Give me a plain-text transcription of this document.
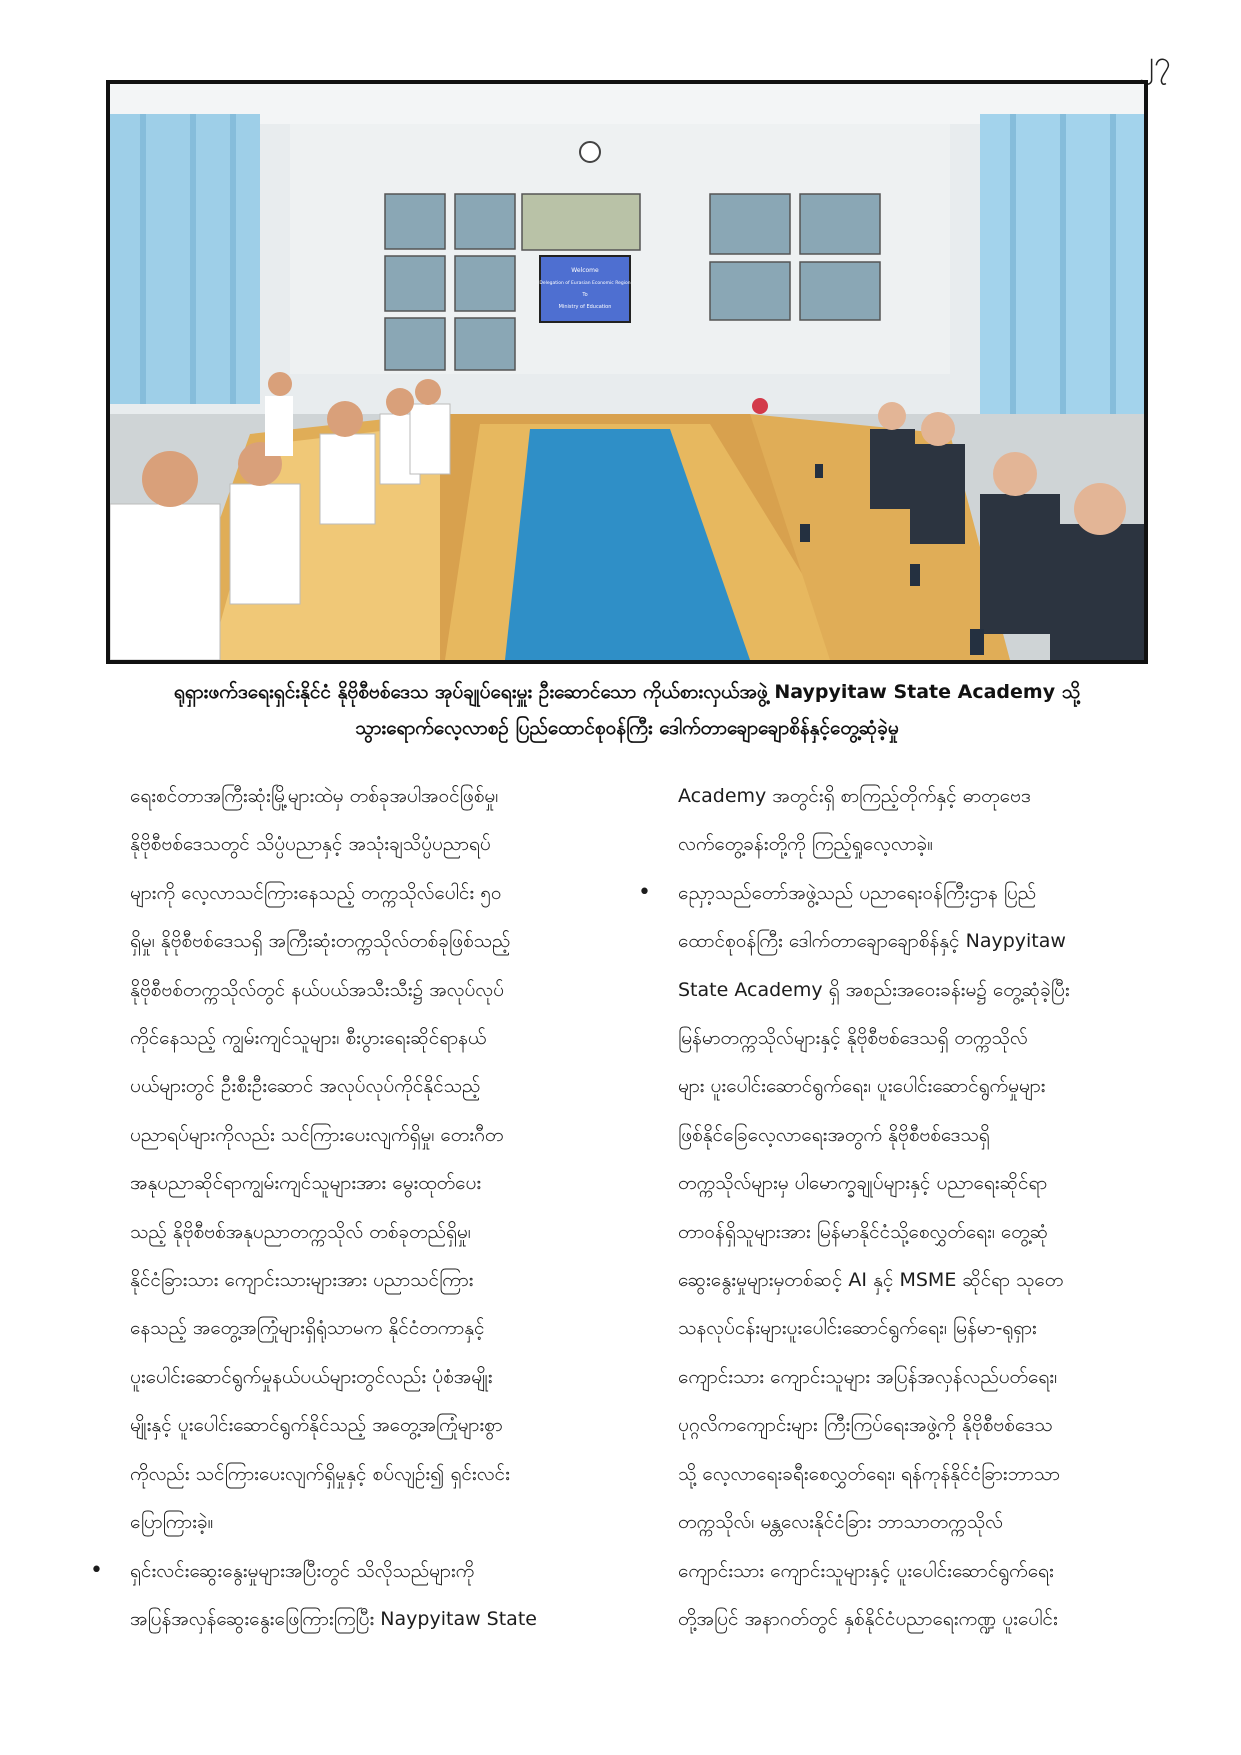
၂၇
Welcome
Delegation of Eurasian Economic Region
To
Ministry of Education

ရုရှားဖက်ဒရေးရှင်းနိုင်ငံ နိုဗိုစီဗစ်ဒေသ အုပ်ချုပ်ရေးမှူး ဦးဆောင်သော ကိုယ်စားလှယ်အဖွဲ့ Naypyitaw State Academy သို့

သွားရောက်လေ့လာစဉ် ပြည်ထောင်စုဝန်ကြီး ဒေါက်တာချောချောစိန်နှင့်တွေ့ဆုံခဲ့မှု

ရေးစင်တာအကြီးဆုံးမြို့များထဲမှ တစ်ခုအပါအဝင်ဖြစ်မှု၊
နိုဗိုစီဗစ်ဒေသတွင် သိပ္ပံပညာနှင့် အသုံးချသိပ္ပံပညာရပ်
များကို လေ့လာသင်ကြားနေသည့် တက္ကသိုလ်ပေါင်း ၅၀
ရှိမှု၊ နိုဗိုစီဗစ်ဒေသရှိ အကြီးဆုံးတက္ကသိုလ်တစ်ခုဖြစ်သည့်
နိုဗိုစီဗစ်တက္ကသိုလ်တွင် နယ်ပယ်အသီးသီး၌ အလုပ်လုပ်
ကိုင်နေသည့် ကျွမ်းကျင်သူများ၊ စီးပွားရေးဆိုင်ရာနယ်
ပယ်များတွင် ဦးစီးဦးဆောင် အလုပ်လုပ်ကိုင်နိုင်သည့်
ပညာရပ်များကိုလည်း သင်ကြားပေးလျက်ရှိမှု၊ တေးဂီတ
အနုပညာဆိုင်ရာကျွမ်းကျင်သူများအား မွေးထုတ်ပေး
သည့် နိုဗိုစီဗစ်အနုပညာတက္ကသိုလ် တစ်ခုတည်ရှိမှု၊
နိုင်ငံခြားသား ကျောင်းသားများအား ပညာသင်ကြား
နေသည့် အတွေ့အကြုံများရှိရုံသာမက နိုင်ငံတကာနှင့်
ပူးပေါင်းဆောင်ရွက်မှုနယ်ပယ်များတွင်လည်း ပုံစံအမျိုး
မျိုးနှင့် ပူးပေါင်းဆောင်ရွက်နိုင်သည့် အတွေ့အကြုံများစွာ
ကိုလည်း သင်ကြားပေးလျက်ရှိမှုနှင့် စပ်လျဉ်း၍ ရှင်းလင်း
ပြောကြားခဲ့။

• ရှင်းလင်းဆွေးနွေးမှုများအပြီးတွင် သိလိုသည်များကို
အပြန်အလှန်ဆွေးနွေးဖြေကြားကြပြီး Naypyitaw State

Academy အတွင်းရှိ စာကြည့်တိုက်နှင့် ဓာတုဗေဒ
လက်တွေ့ခန်းတို့ကို ကြည့်ရှုလေ့လာခဲ့။

• ညှော့သည်တော်အဖွဲ့သည် ပညာရေးဝန်ကြီးဌာန ပြည်
ထောင်စုဝန်ကြီး ဒေါက်တာချောချောစိန်နှင့် Naypyitaw
State Academy ရှိ အစည်းအဝေးခန်းမ၌ တွေ့ဆုံခဲ့ပြီး
မြန်မာတက္ကသိုလ်များနှင့် နိုဗိုစီဗစ်ဒေသရှိ တက္ကသိုလ်
များ ပူးပေါင်းဆောင်ရွက်ရေး၊ ပူးပေါင်းဆောင်ရွက်မှုများ
ဖြစ်နိုင်ခြေလေ့လာရေးအတွက် နိုဗိုစီဗစ်ဒေသရှိ
တက္ကသိုလ်များမှ ပါမောက္ခချုပ်များနှင့် ပညာရေးဆိုင်ရာ
တာဝန်ရှိသူများအား မြန်မာနိုင်ငံသို့စေလွှတ်ရေး၊ တွေ့ဆုံ
ဆွေးနွေးမှုများမှတစ်ဆင့် AI နှင့် MSME ဆိုင်ရာ သုတေ
သနလုပ်ငန်းများပူးပေါင်းဆောင်ရွက်ရေး၊ မြန်မာ-ရုရှား
ကျောင်းသား ကျောင်းသူများ အပြန်အလှန်လည်ပတ်ရေး၊
ပုဂ္ဂလိကကျောင်းများ ကြီးကြပ်ရေးအဖွဲ့ကို နိုဗိုစီဗစ်ဒေသ
သို့ လေ့လာရေးခရီးစေလွှတ်ရေး၊ ရန်ကုန်နိုင်ငံခြားဘာသာ
တက္ကသိုလ်၊ မန္တလေးနိုင်ငံခြား ဘာသာတက္ကသိုလ်
ကျောင်းသား ကျောင်းသူများနှင့် ပူးပေါင်းဆောင်ရွက်ရေး
တို့အပြင် အနာဂတ်တွင် နှစ်နိုင်ငံပညာရေးကဏ္ဍ ပူးပေါင်း
